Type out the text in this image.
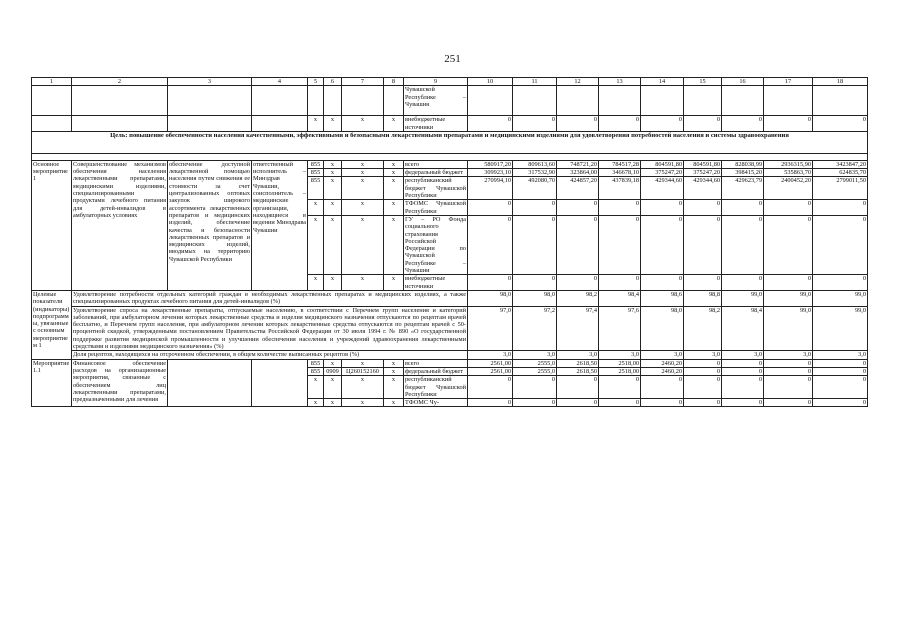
251
1	2	3	4	5	6	7	8	9	10	11	12	13	14	15	16	17	18
								Чувашской Республике – Чувашия									
				x	x	x	x	внебюджетные источники	0	0	0	0	0	0	0	0	0
Цель: повышение обеспеченности населения качественными, эффективными и безопасными лекарственными препаратами и медицинскими изделиями для удовлетворения потребностей населения и системы здравоохранения																	

Основное мероприятие 1	Совершенствование механизмов обеспечения населения лекарственными препаратами, медицинскими изделиями, специализированными продуктами лечебного питания для детей-инвалидов в амбулаторных условиях	обеспечение доступной лекарственной помощью населения путем снижения ее стоимости за счет централизованных оптовых закупок широкого ассортимента лекарственных препаратов и медицинских изделий, обеспечение качества и безопасности лекарственных препаратов и медицинских изделий, вводимых на территорию Чувашской Республики	ответственный исполнитель – Минздрав Чувашии, соисполнитель – медицинские организации, находящиеся в ведении Минздрава Чувашии	855	x	x	x	всего	580917,20	809613,60	748721,20	784517,28	804591,80	804591,80	828038,99	2936315,90	3423847,20
				855	x	x	x	федеральный бюджет	309923,10	317532,90	323864,00	346678,10	375247,20	375247,20	398415,20	535863,70	624835,70
				855	x	x	x	республиканский бюджет Чувашской Республики	270994,10	492080,70	424857,20	437839,18	429344,60	429344,60	429623,79	2400452,20	2799011,50
				x	x	x	x	ТФОМС Чувашской Республики	0	0	0	0	0	0	0	0	0
				x	x	x	x	ГУ – РО Фонда социального страхования Российской Федерации по Чувашской Республике – Чувашии	0	0	0	0	0	0	0	0	0
				x	x	x	x	внебюджетные источники	0	0	0	0	0	0	0	0	0
Целевые показатели (индикаторы) подпрограммы, увязанные с основным мероприятием 1	Удовлетворение потребности отдельных категорий граждан в необходимых лекарственных препаратах и медицинских изделиях, а также специализированных продуктах лечебного питания для детей-инвалидов (%)								98,0	98,0	98,2	98,4	98,6	98,8	99,0	99,0	99,0
	Удовлетворение спроса на лекарственные препараты, отпускаемые населению, в соответствии с Перечнем групп населения и категорий заболеваний, при амбулаторном лечении которых лекарственные средства и изделия медицинского назначения отпускаются по рецептам врачей бесплатно, и Перечнем групп населения, при амбулаторном лечении которых лекарственные средства отпускаются по рецептам врачей с 50-процентной скидкой, утвержденными постановлением Правительства Российской Федерации от 30 июля 1994 г. № 890 «О государственной поддержке развития медицинской промышленности и улучшении обеспечения населения и учреждений здравоохранения лекарственными средствами и изделиями медицинского назначения» (%)								97,0	97,2	97,4	97,6	98,0	98,2	98,4	99,0	99,0
	Доля рецептов, находящихся на отсроченном обеспечении, в общем количестве выписанных рецептов (%)								3,0	3,0	3,0	3,0	3,0	3,0	3,0	3,0	3,0
Мероприятие 1.1	Финансовое обеспечение расходов на организационные мероприятия, связанные с обеспечением лиц лекарственными препаратами, предназначенными для лечения			855	x	x	x	всего	2561,00	2555,0	2618,50	2518,00	2460,20	0	0	0	0
				855	0909	Ц260152160	x	федеральный бюджет	2561,00	2555,0	2618,50	2518,00	2460,20	0	0	0	0
				x	x	x	x	республиканский бюджет Чувашской Республики	0	0	0	0	0	0	0	0	0
				x	x	x	x	ТФОМС Чу-	0	0	0	0	0	0	0	0	0
